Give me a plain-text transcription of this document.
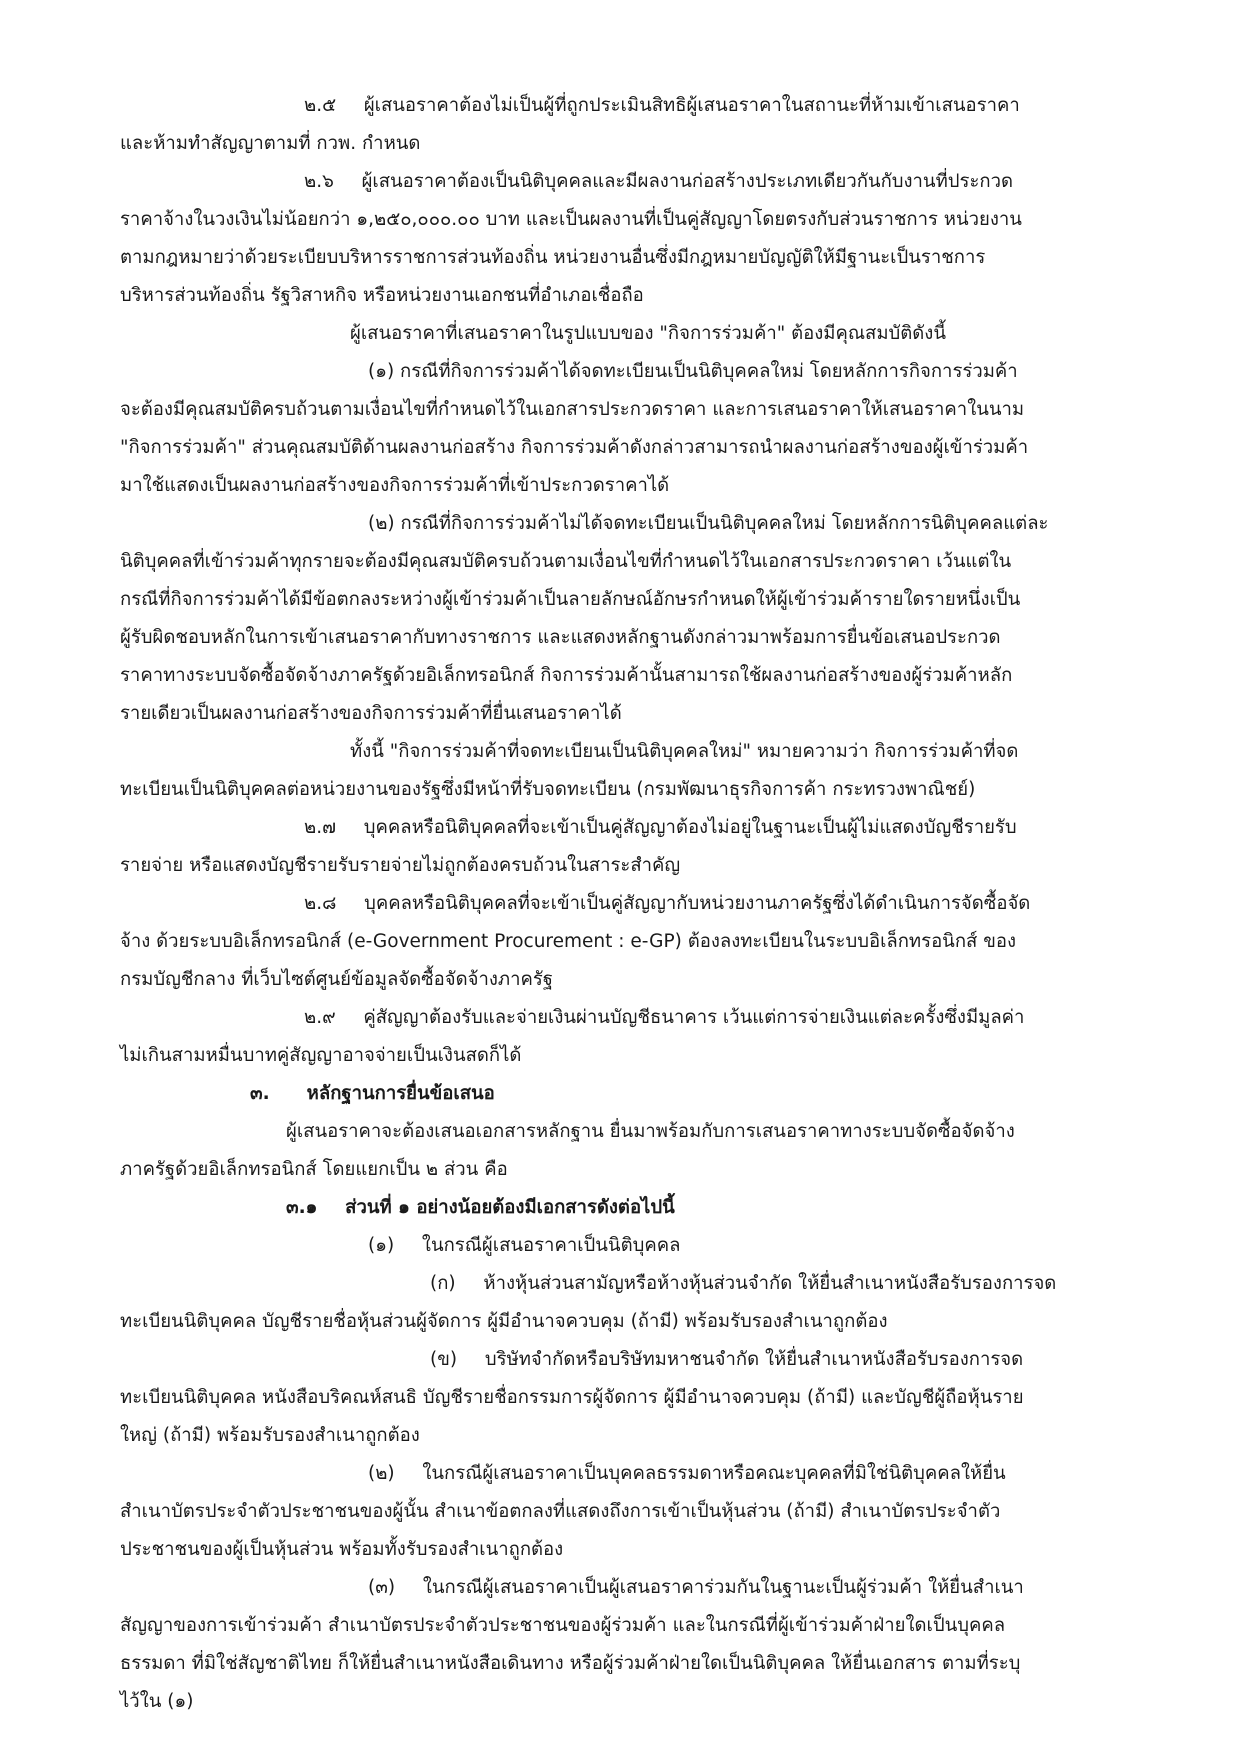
๒.๕  ผู้เสนอราคาต้องไม่เป็นผู้ที่ถูกประเมินสิทธิผู้เสนอราคาในสถานะที่ห้ามเข้าเสนอราคา
และห้ามทำสัญญาตามที่ กวพ. กำหนด
๒.๖  ผู้เสนอราคาต้องเป็นนิติบุคคลและมีผลงานก่อสร้างประเภทเดียวกันกับงานที่ประกวด
ราคาจ้างในวงเงินไม่น้อยกว่า ๑,๒๕๐,๐๐๐.๐๐ บาท และเป็นผลงานที่เป็นคู่สัญญาโดยตรงกับส่วนราชการ หน่วยงาน
ตามกฎหมายว่าด้วยระเบียบบริหารราชการส่วนท้องถิ่น หน่วยงานอื่นซึ่งมีกฎหมายบัญญัติให้มีฐานะเป็นราชการ
บริหารส่วนท้องถิ่น รัฐวิสาหกิจ หรือหน่วยงานเอกชนที่อำเภอเชื่อถือ
ผู้เสนอราคาที่เสนอราคาในรูปแบบของ "กิจการร่วมค้า" ต้องมีคุณสมบัติดังนี้
(๑) กรณีที่กิจการร่วมค้าได้จดทะเบียนเป็นนิติบุคคลใหม่ โดยหลักการกิจการร่วมค้า
จะต้องมีคุณสมบัติครบถ้วนตามเงื่อนไขที่กำหนดไว้ในเอกสารประกวดราคา และการเสนอราคาให้เสนอราคาในนาม
"กิจการร่วมค้า" ส่วนคุณสมบัติด้านผลงานก่อสร้าง กิจการร่วมค้าดังกล่าวสามารถนำผลงานก่อสร้างของผู้เข้าร่วมค้า
มาใช้แสดงเป็นผลงานก่อสร้างของกิจการร่วมค้าที่เข้าประกวดราคาได้
(๒) กรณีที่กิจการร่วมค้าไม่ได้จดทะเบียนเป็นนิติบุคคลใหม่ โดยหลักการนิติบุคคลแต่ละ
นิติบุคคลที่เข้าร่วมค้าทุกรายจะต้องมีคุณสมบัติครบถ้วนตามเงื่อนไขที่กำหนดไว้ในเอกสารประกวดราคา เว้นแต่ใน
กรณีที่กิจการร่วมค้าได้มีข้อตกลงระหว่างผู้เข้าร่วมค้าเป็นลายลักษณ์อักษรกำหนดให้ผู้เข้าร่วมค้ารายใดรายหนึ่งเป็น
ผู้รับผิดชอบหลักในการเข้าเสนอราคากับทางราชการ และแสดงหลักฐานดังกล่าวมาพร้อมการยื่นข้อเสนอประกวด
ราคาทางระบบจัดซื้อจัดจ้างภาครัฐด้วยอิเล็กทรอนิกส์ กิจการร่วมค้านั้นสามารถใช้ผลงานก่อสร้างของผู้ร่วมค้าหลัก
รายเดียวเป็นผลงานก่อสร้างของกิจการร่วมค้าที่ยื่นเสนอราคาได้
ทั้งนี้ "กิจการร่วมค้าที่จดทะเบียนเป็นนิติบุคคลใหม่" หมายความว่า กิจการร่วมค้าที่จด
ทะเบียนเป็นนิติบุคคลต่อหน่วยงานของรัฐซึ่งมีหน้าที่รับจดทะเบียน (กรมพัฒนาธุรกิจการค้า กระทรวงพาณิชย์)
๒.๗  บุคคลหรือนิติบุคคลที่จะเข้าเป็นคู่สัญญาต้องไม่อยู่ในฐานะเป็นผู้ไม่แสดงบัญชีรายรับ
รายจ่าย หรือแสดงบัญชีรายรับรายจ่ายไม่ถูกต้องครบถ้วนในสาระสำคัญ
๒.๘  บุคคลหรือนิติบุคคลที่จะเข้าเป็นคู่สัญญากับหน่วยงานภาครัฐซึ่งได้ดำเนินการจัดซื้อจัด
จ้าง ด้วยระบบอิเล็กทรอนิกส์ (e-Government Procurement : e-GP) ต้องลงทะเบียนในระบบอิเล็กทรอนิกส์ ของ
กรมบัญชีกลาง ที่เว็บไซต์ศูนย์ข้อมูลจัดซื้อจัดจ้างภาครัฐ
๒.๙  คู่สัญญาต้องรับและจ่ายเงินผ่านบัญชีธนาคาร เว้นแต่การจ่ายเงินแต่ละครั้งซึ่งมีมูลค่า
ไม่เกินสามหมื่นบาทคู่สัญญาอาจจ่ายเป็นเงินสดก็ได้
๓.  หลักฐานการยื่นข้อเสนอ
ผู้เสนอราคาจะต้องเสนอเอกสารหลักฐาน ยื่นมาพร้อมกับการเสนอราคาทางระบบจัดซื้อจัดจ้าง
ภาครัฐด้วยอิเล็กทรอนิกส์ โดยแยกเป็น ๒ ส่วน คือ
๓.๑  ส่วนที่ ๑ อย่างน้อยต้องมีเอกสารดังต่อไปนี้
(๑)  ในกรณีผู้เสนอราคาเป็นนิติบุคคล
(ก)  ห้างหุ้นส่วนสามัญหรือห้างหุ้นส่วนจำกัด ให้ยื่นสำเนาหนังสือรับรองการจด
ทะเบียนนิติบุคคล บัญชีรายชื่อหุ้นส่วนผู้จัดการ ผู้มีอำนาจควบคุม (ถ้ามี) พร้อมรับรองสำเนาถูกต้อง
(ข)  บริษัทจำกัดหรือบริษัทมหาชนจำกัด ให้ยื่นสำเนาหนังสือรับรองการจด
ทะเบียนนิติบุคคล หนังสือบริคณห์สนธิ บัญชีรายชื่อกรรมการผู้จัดการ ผู้มีอำนาจควบคุม (ถ้ามี) และบัญชีผู้ถือหุ้นราย
ใหญ่ (ถ้ามี) พร้อมรับรองสำเนาถูกต้อง
(๒)  ในกรณีผู้เสนอราคาเป็นบุคคลธรรมดาหรือคณะบุคคลที่มิใช่นิติบุคคลให้ยื่น
สำเนาบัตรประจำตัวประชาชนของผู้นั้น สำเนาข้อตกลงที่แสดงถึงการเข้าเป็นหุ้นส่วน (ถ้ามี) สำเนาบัตรประจำตัว
ประชาชนของผู้เป็นหุ้นส่วน พร้อมทั้งรับรองสำเนาถูกต้อง
(๓)  ในกรณีผู้เสนอราคาเป็นผู้เสนอราคาร่วมกันในฐานะเป็นผู้ร่วมค้า ให้ยื่นสำเนา
สัญญาของการเข้าร่วมค้า สำเนาบัตรประจำตัวประชาชนของผู้ร่วมค้า และในกรณีที่ผู้เข้าร่วมค้าฝ่ายใดเป็นบุคคล
ธรรมดา ที่มิใช่สัญชาติไทย ก็ให้ยื่นสำเนาหนังสือเดินทาง หรือผู้ร่วมค้าฝ่ายใดเป็นนิติบุคคล ให้ยื่นเอกสาร ตามที่ระบุ
ไว้ใน (๑)
